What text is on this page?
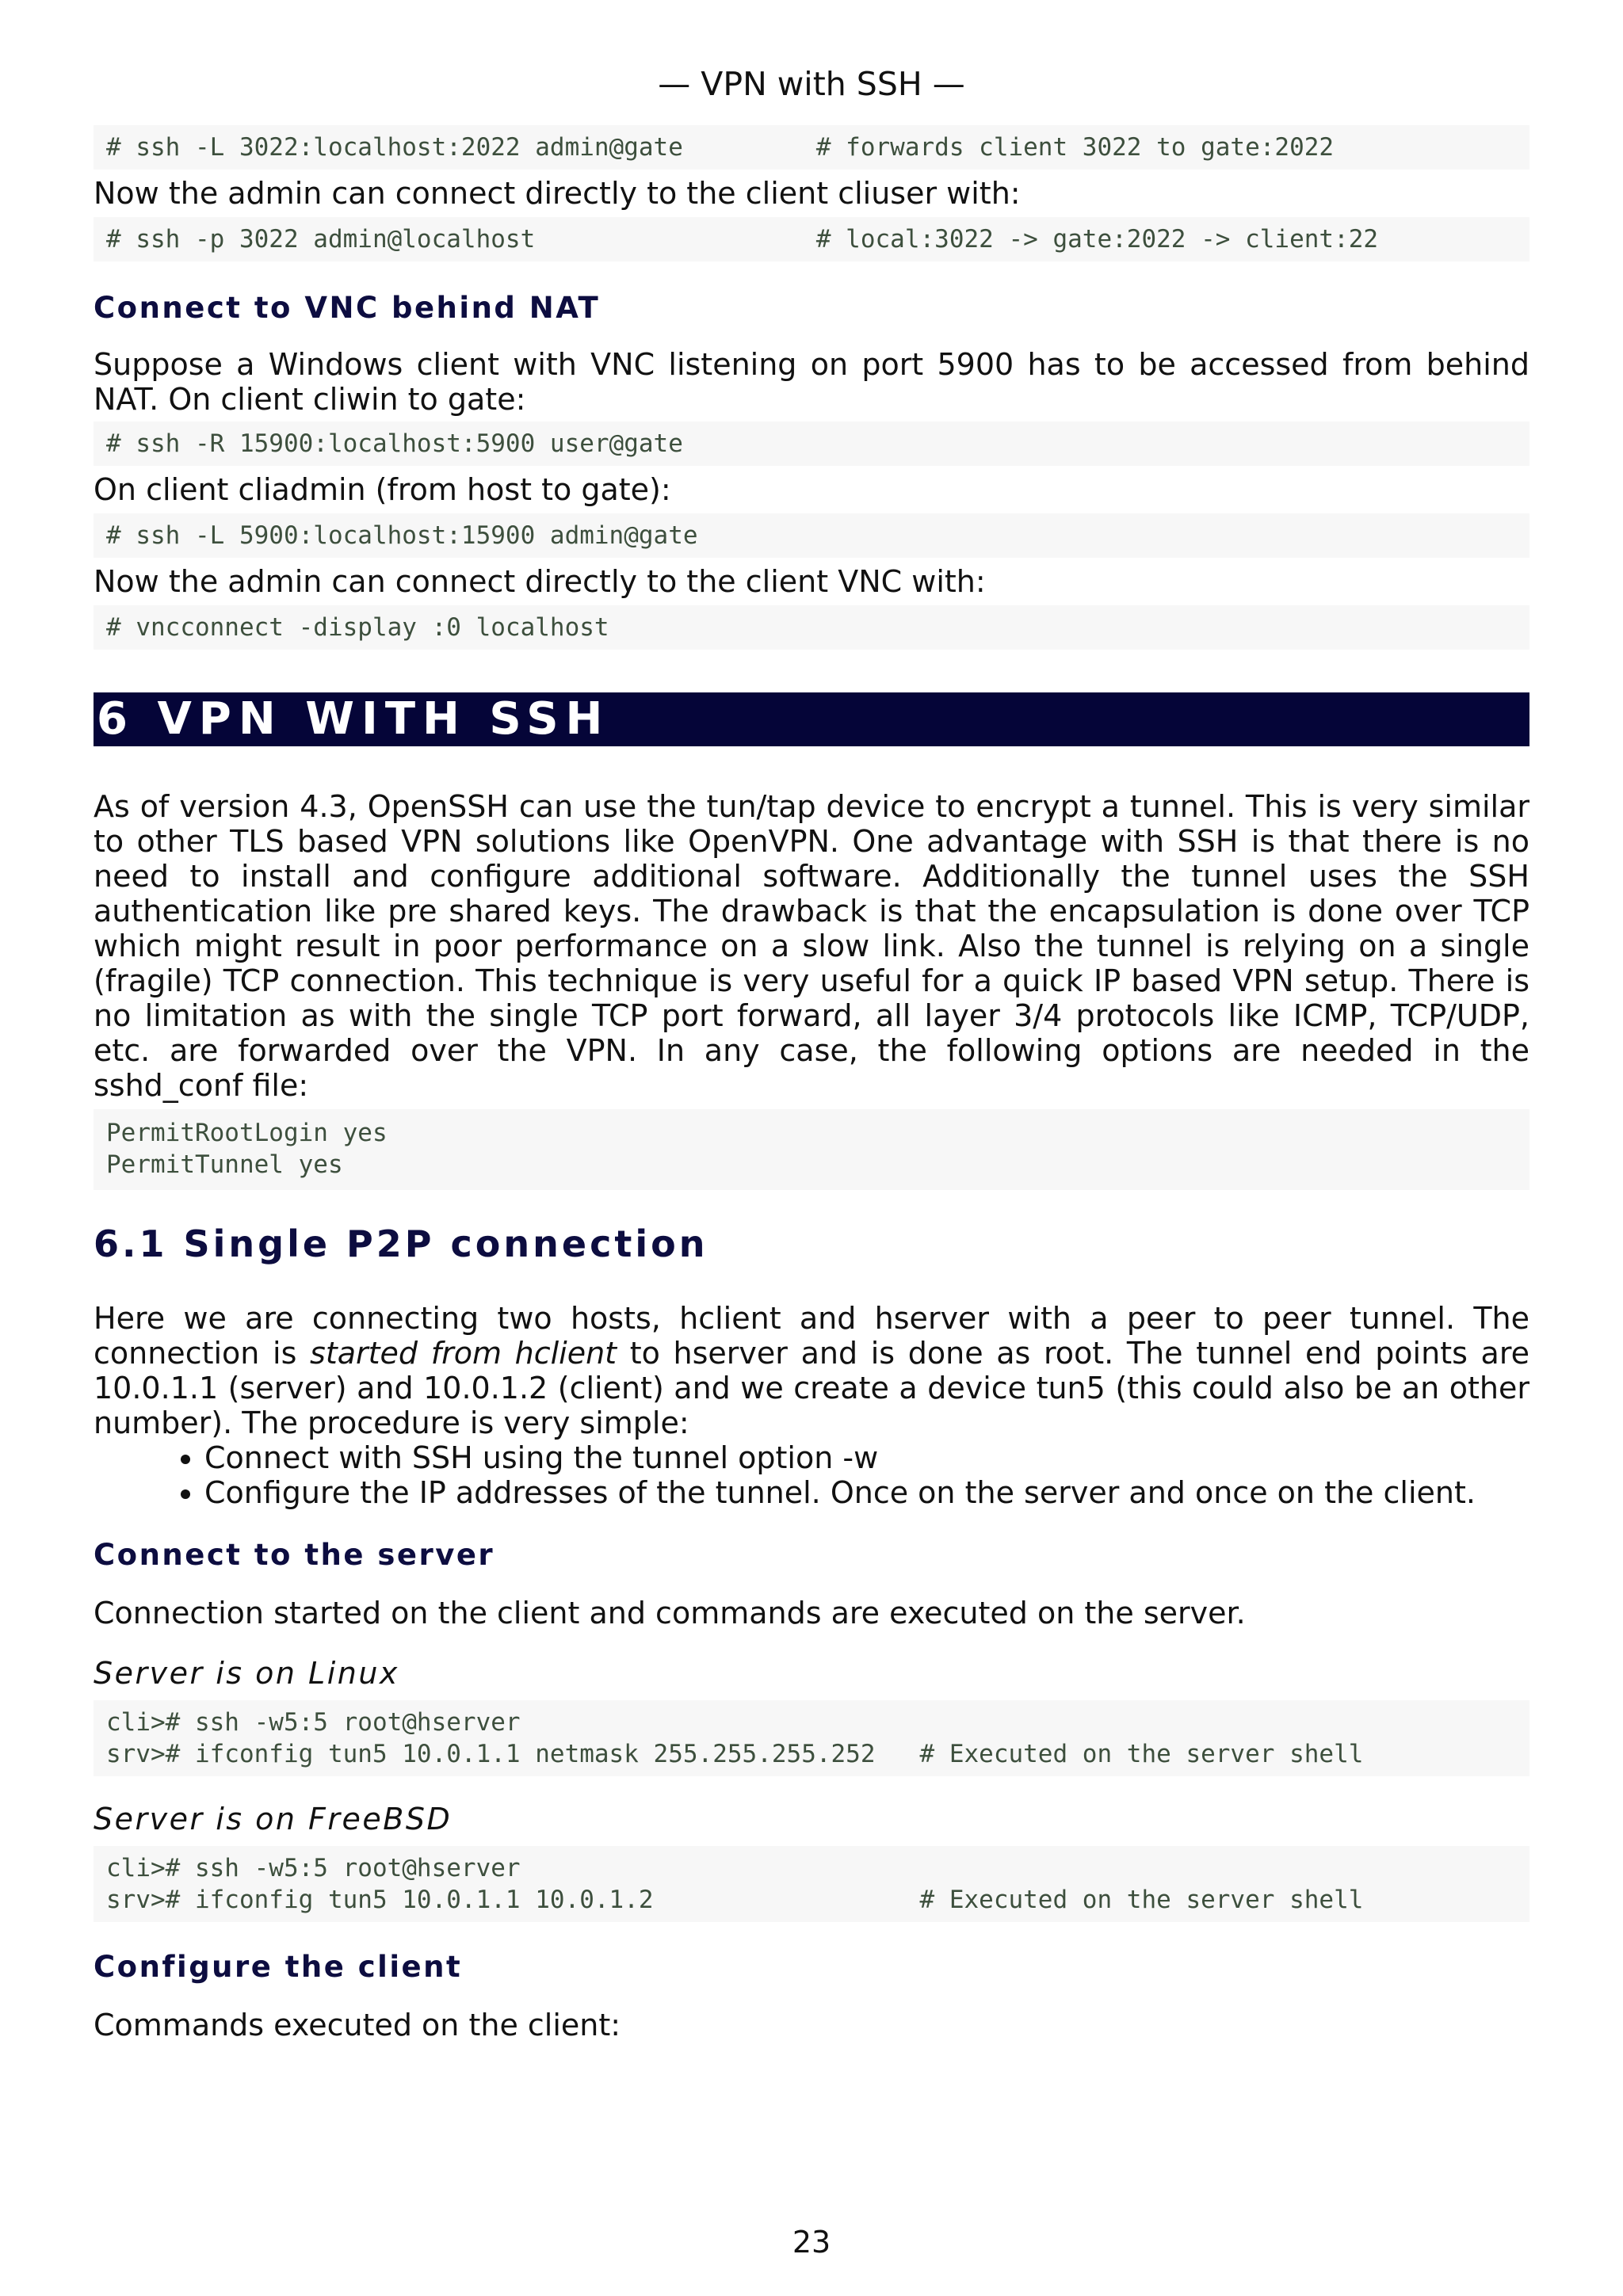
— VPN with SSH —
# ssh -L 3022:localhost:2022 admin@gate         # forwards client 3022 to gate:2022

Now the admin can connect directly to the client cliuser with:

# ssh -p 3022 admin@localhost                   # local:3022 -> gate:2022 -> client:22
Connect to VNC behind NAT

Suppose a Windows client with VNC listening on port 5900 has to be accessed from behind NAT. On client cliwin to gate:

# ssh -R 15900:localhost:5900 user@gate

On client cliadmin (from host to gate):

# ssh -L 5900:localhost:15900 admin@gate

Now the admin can connect directly to the client VNC with:

# vncconnect -display :0 localhost
6 VPN WITH SSH

As of version 4.3, OpenSSH can use the tun/tap device to encrypt a tunnel. This is very similar to other TLS based VPN solutions like OpenVPN. One advantage with SSH is that there is no need to install and configure additional software. Additionally the tunnel uses the SSH authentication like pre shared keys. The drawback is that the encapsulation is done over TCP which might result in poor performance on a slow link. Also the tunnel is relying on a single (fragile) TCP connection. This technique is very useful for a quick IP based VPN setup. There is no limitation as with the single TCP port forward, all layer 3/4 protocols like ICMP, TCP/UDP, etc. are forwarded over the VPN. In any case, the following options are needed in the sshd_conf file:

PermitRootLogin yes
PermitTunnel yes
6.1 Single P2P connection

Here we are connecting two hosts, hclient and hserver with a peer to peer tunnel. The connection is started from hclient to hserver and is done as root. The tunnel end points are 10.0.1.1 (server) and 10.0.1.2 (client) and we create a device tun5 (this could also be an other number). The procedure is very simple:

• Connect with SSH using the tunnel option -w
• Configure the IP addresses of the tunnel. Once on the server and once on the client.
Connect to the server

Connection started on the client and commands are executed on the server.

Server is on Linux
cli># ssh -w5:5 root@hserver
srv># ifconfig tun5 10.0.1.1 netmask 255.255.255.252   # Executed on the server shell
Server is on FreeBSD
cli># ssh -w5:5 root@hserver
srv># ifconfig tun5 10.0.1.1 10.0.1.2                  # Executed on the server shell
Configure the client

Commands executed on the client:

23
